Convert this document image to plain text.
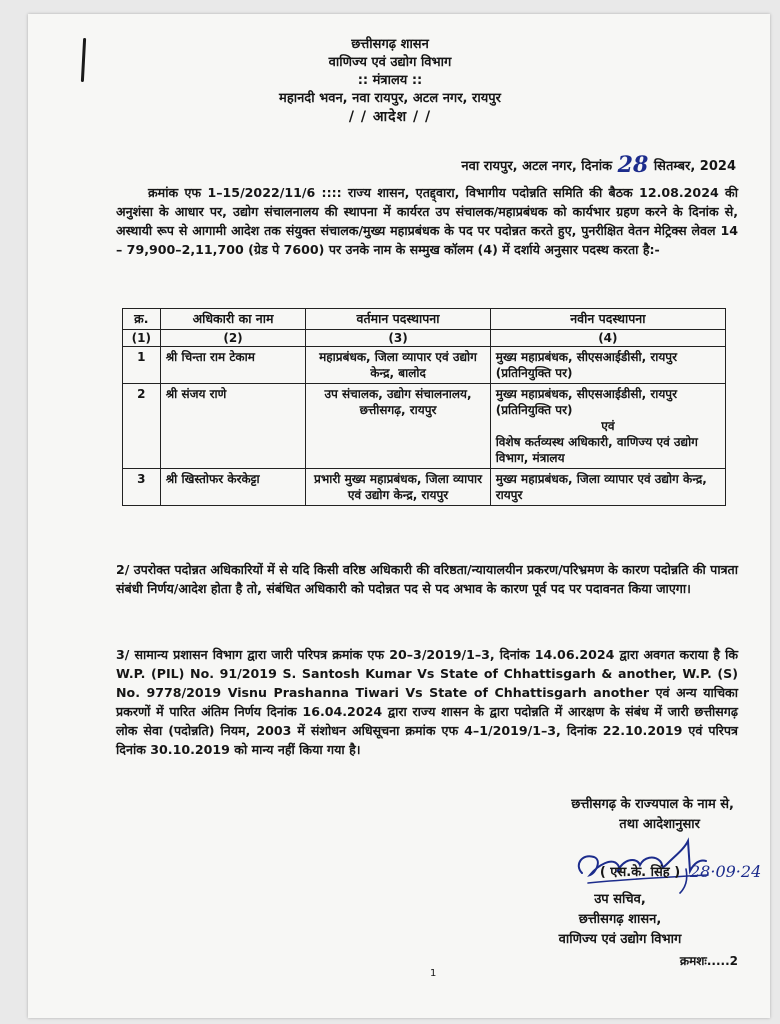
छत्तीसगढ़ शासन
वाणिज्य एवं उद्योग विभाग
:: मंत्रालय ::
महानदी भवन, नवा रायपुर, अटल नगर, रायपुर
/ / आदेश / /
नवा रायपुर, अटल नगर, दिनांक 28 सितम्बर, 2024
क्रमांक एफ 1–15/2022/11/6 :::: राज्य शासन, एतद्द्वारा, विभागीय पदोन्नति समिति की बैठक 12.08.2024 की अनुशंसा के आधार पर, उद्योग संचालनालय की स्थापना में कार्यरत उप संचालक/महाप्रबंधक को कार्यभार ग्रहण करने के दिनांक से, अस्थायी रूप से आगामी आदेश तक संयुक्त संचालक/मुख्य महाप्रबंधक के पद पर पदोन्नत करते हुए, पुनरीक्षित वेतन मेट्रिक्स लेवल 14 – 79,900–2,11,700 (ग्रेड पे 7600) पर उनके नाम के सम्मुख कॉलम (4) में दर्शाये अनुसार पदस्थ करता है:-
क्र.	अधिकारी का नाम	वर्तमान पदस्थापना	नवीन पदस्थापना
(1)	(2)	(3)	(4)
1	श्री चिन्ता राम टेकाम	महाप्रबंधक, जिला व्यापार एवं उद्योग केन्द्र, बालोद	मुख्य महाप्रबंधक, सीएसआईडीसी, रायपुर (प्रतिनियुक्ति पर)
2	श्री संजय राणे	उप संचालक, उद्योग संचालनालय, छत्तीसगढ़, रायपुर	मुख्य महाप्रबंधक, सीएसआईडीसी, रायपुर (प्रतिनियुक्ति पर)
एवं
विशेष कर्तव्यस्थ अधिकारी, वाणिज्य एवं उद्योग विभाग, मंत्रालय
3	श्री खिस्तोफर केरकेट्टा	प्रभारी मुख्य महाप्रबंधक, जिला व्यापार एवं उद्योग केन्द्र, रायपुर	मुख्य महाप्रबंधक, जिला व्यापार एवं उद्योग केन्द्र, रायपुर
2/ उपरोक्त पदोन्नत अधिकारियों में से यदि किसी वरिष्ठ अधिकारी की वरिष्ठता/न्यायालयीन प्रकरण/परिभ्रमण के कारण पदोन्नति की पात्रता संबंधी निर्णय/आदेश होता है तो, संबंधित अधिकारी को पदोन्नत पद से पद अभाव के कारण पूर्व पद पर पदावनत किया जाएगा।
3/ सामान्य प्रशासन विभाग द्वारा जारी परिपत्र क्रमांक एफ 20–3/2019/1–3, दिनांक 14.06.2024 द्वारा अवगत कराया है कि W.P. (PIL) No. 91/2019 S. Santosh Kumar Vs State of Chhattisgarh & another, W.P. (S) No. 9778/2019 Visnu Prashanna Tiwari Vs State of Chhattisgarh another एवं अन्य याचिका प्रकरणों में पारित अंतिम निर्णय दिनांक 16.04.2024 द्वारा राज्य शासन के द्वारा पदोन्नति में आरक्षण के संबंध में जारी छत्तीसगढ़ लोक सेवा (पदोन्नति) नियम, 2003 में संशोधन अधिसूचना क्रमांक एफ 4–1/2019/1–3, दिनांक 22.10.2019 एवं परिपत्र दिनांक 30.10.2019 को मान्य नहीं किया गया है।
छत्तीसगढ़ के राज्यपाल के नाम से,
तथा आदेशानुसार
( एस.के. सिंह ) 28·09·24
उप सचिव,
छत्तीसगढ़ शासन,
वाणिज्य एवं उद्योग विभाग
क्रमशः.....2
1
